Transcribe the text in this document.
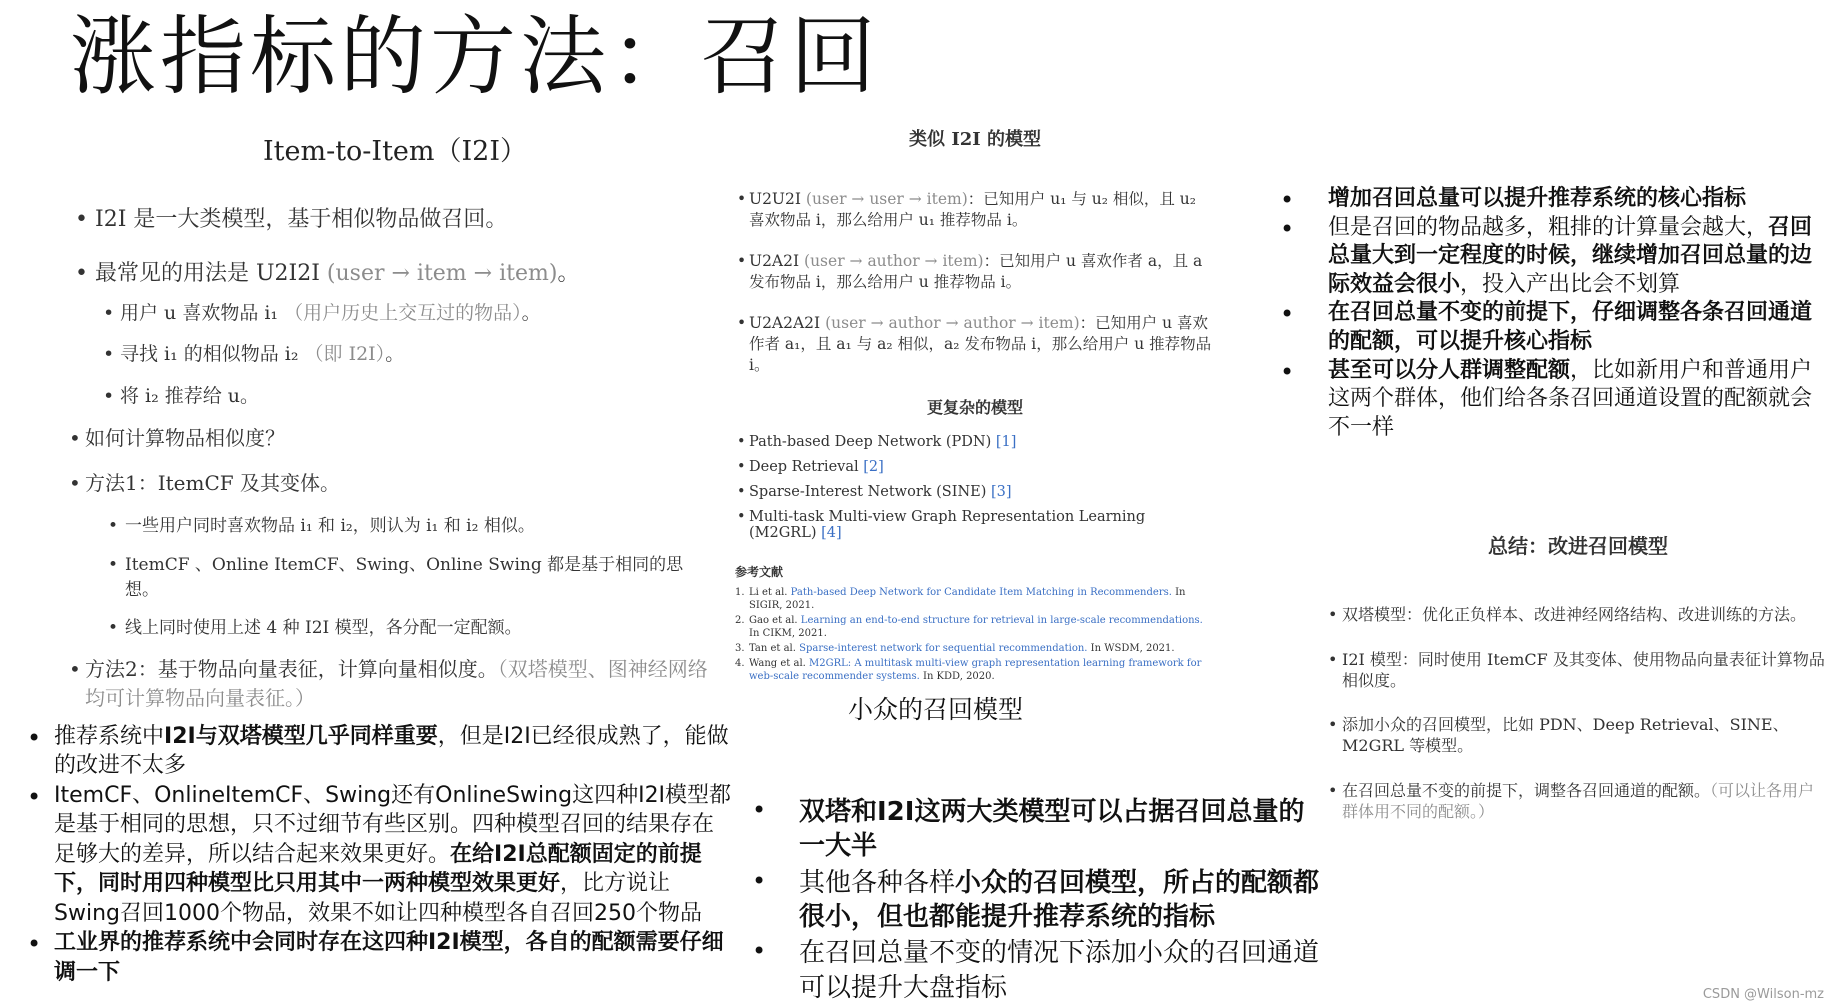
涨指标的方法：召回
Item-to-Item（I2I）
• I2I 是一大类模型，基于相似物品做召回。
• 最常见的用法是 U2I2I (user → item → item)。
• 用户 u 喜欢物品 i₁ （用户历史上交互过的物品）。
• 寻找 i₁ 的相似物品 i₂ （即 I2I）。
• 将 i₂ 推荐给 u。
• 如何计算物品相似度？
• 方法1：ItemCF 及其变体。
• 一些用户同时喜欢物品 i₁ 和 i₂，则认为 i₁ 和 i₂ 相似。
• ItemCF 、Online ItemCF、Swing、Online Swing 都是基于相同的思想。
• 线上同时使用上述 4 种 I2I 模型，各分配一定配额。
• 方法2：基于物品向量表征，计算向量相似度。（双塔模型、图神经网络均可计算物品向量表征。）
类似 I2I 的模型
• U2U2I (user → user → item)：已知用户 u₁ 与 u₂ 相似，且 u₂ 喜欢物品 i，那么给用户 u₁ 推荐物品 i。
• U2A2I (user → author → item)：已知用户 u 喜欢作者 a，且 a 发布物品 i，那么给用户 u 推荐物品 i。
• U2A2A2I (user → author → author → item)：已知用户 u 喜欢作者 a₁，且 a₁ 与 a₂ 相似，a₂ 发布物品 i，那么给用户 u 推荐物品 i。
更复杂的模型
• Path-based Deep Network (PDN) [1]
• Deep Retrieval [2]
• Sparse-Interest Network (SINE) [3]
• Multi-task Multi-view Graph Representation Learning (M2GRL) [4]
参考文献
1. Li et al. Path-based Deep Network for Candidate Item Matching in Recommenders. In SIGIR, 2021.
2. Gao et al. Learning an end-to-end structure for retrieval in large-scale recommendations. In CIKM, 2021.
3. Tan et al. Sparse-interest network for sequential recommendation. In WSDM, 2021.
4. Wang et al. M2GRL: A multitask multi-view graph representation learning framework for web-scale recommender systems. In KDD, 2020.
小众的召回模型
• 增加召回总量可以提升推荐系统的核心指标
• 但是召回的物品越多，粗排的计算量会越大，召回总量大到一定程度的时候，继续增加召回总量的边际效益会很小，投入产出比会不划算
• 在召回总量不变的前提下，仔细调整各条召回通道的配额，可以提升核心指标
• 甚至可以分人群调整配额，比如新用户和普通用户这两个群体，他们给各条召回通道设置的配额就会不一样
总结：改进召回模型
• 双塔模型：优化正负样本、改进神经网络结构、改进训练的方法。
• I2I 模型：同时使用 ItemCF 及其变体、使用物品向量表征计算物品相似度。
• 添加小众的召回模型，比如 PDN、Deep Retrieval、SINE、M2GRL 等模型。
• 在召回总量不变的前提下，调整各召回通道的配额。（可以让各用户群体用不同的配额。）
• 推荐系统中I2I与双塔模型几乎同样重要，但是I2I已经很成熟了，能做的改进不太多
• ItemCF、OnlineItemCF、Swing还有OnlineSwing这四种I2I模型都是基于相同的思想，只不过细节有些区别。四种模型召回的结果存在足够大的差异，所以结合起来效果更好。在给I2I总配额固定的前提下，同时用四种模型比只用其中一两种模型效果更好，比方说让Swing召回1000个物品，效果不如让四种模型各自召回250个物品
• 工业界的推荐系统中会同时存在这四种I2I模型，各自的配额需要仔细调一下
• 双塔和I2I这两大类模型可以占据召回总量的一大半
• 其他各种各样小众的召回模型，所占的配额都很小，但也都能提升推荐系统的指标
• 在召回总量不变的情况下添加小众的召回通道可以提升大盘指标	CSDN @Wilson-mz
